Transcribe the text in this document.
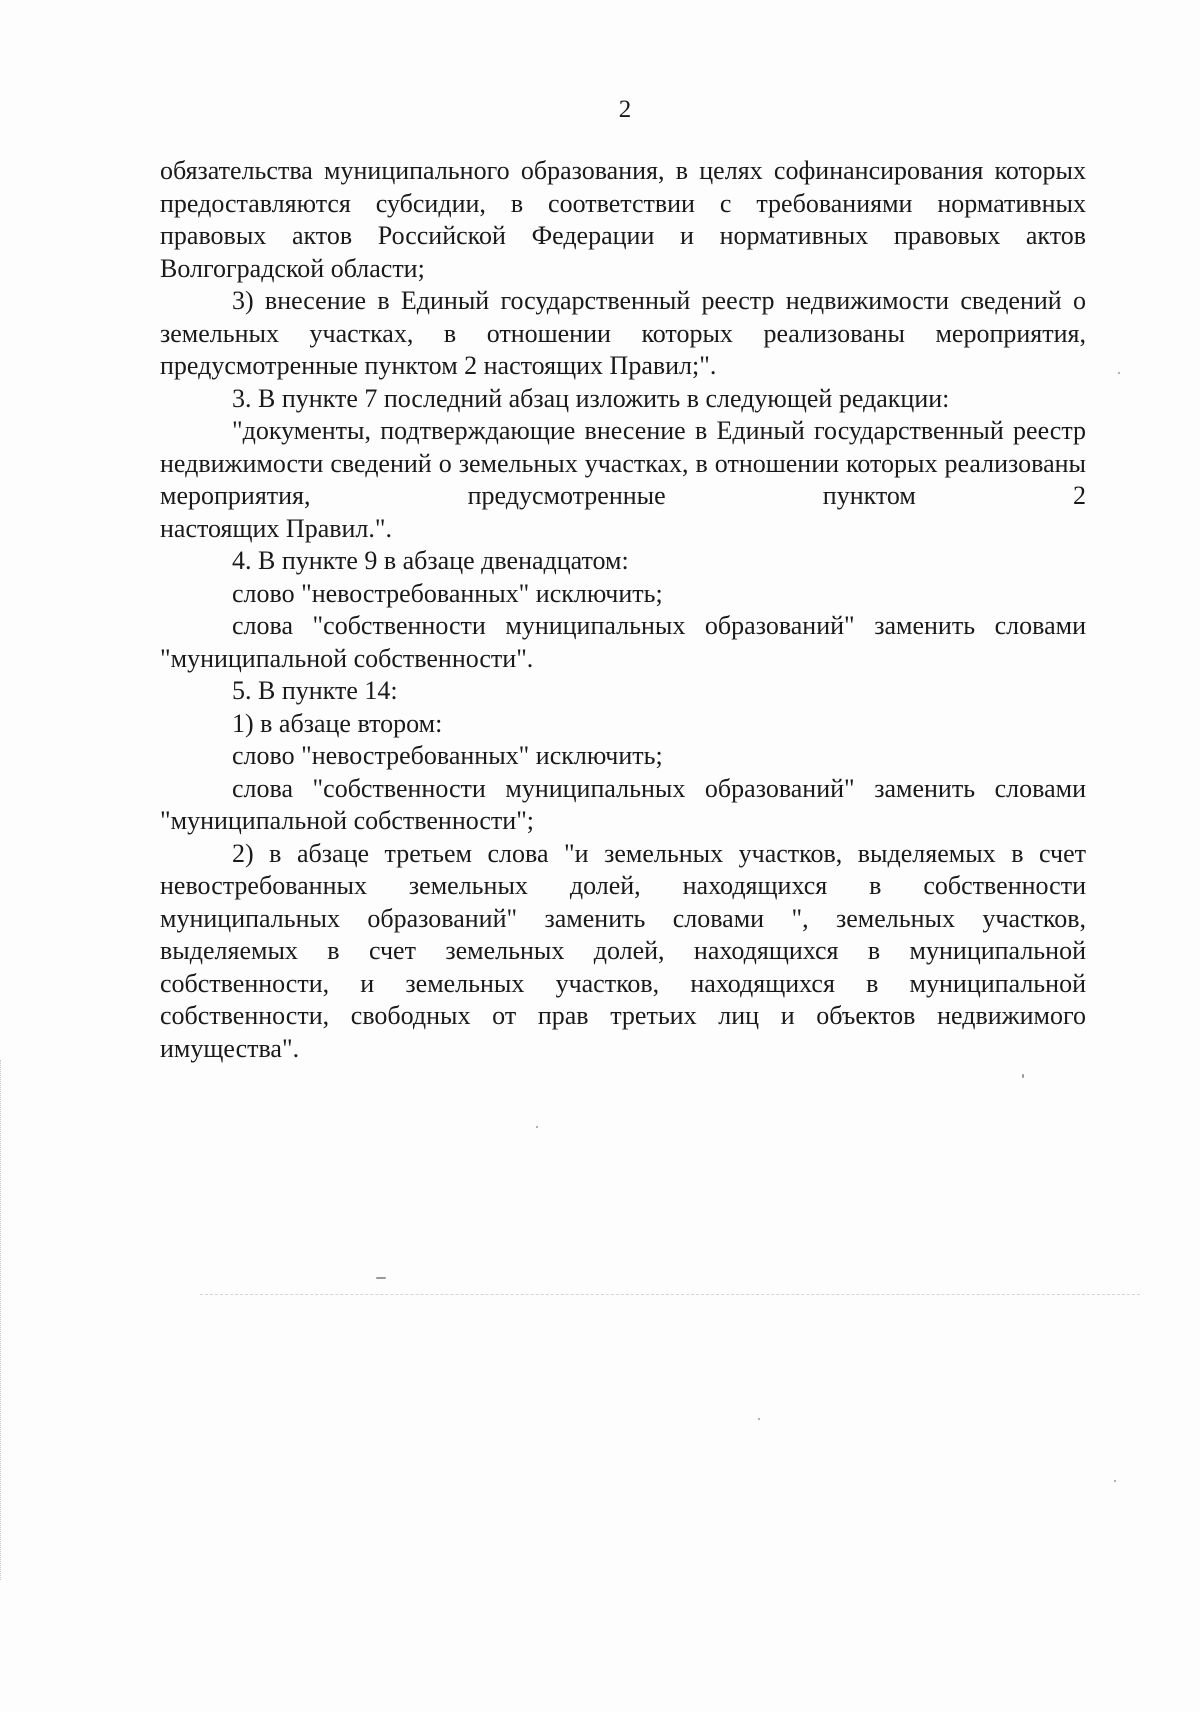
2

обязательства муниципального образования, в целях софинансирования которых предоставляются субсидии, в соответствии с требованиями нормативных правовых актов Российской Федерации и нормативных правовых актов Волгоградской области;

3) внесение в Единый государственный реестр недвижимости сведений о земельных участках, в отношении которых реализованы мероприятия, предусмотренные пунктом 2 настоящих Правил;".

3. В пункте 7 последний абзац изложить в следующей редакции:

"документы, подтверждающие внесение в Единый государственный реестр недвижимости сведений о земельных участках, в отношении которых реализованы мероприятия, предусмотренные пунктом 2

настоящих Правил.".

4. В пункте 9 в абзаце двенадцатом:

слово "невостребованных" исключить;

слова "собственности муниципальных образований" заменить словами "муниципальной собственности".

5. В пункте 14:

1) в абзаце втором:

слово "невостребованных" исключить;

слова "собственности муниципальных образований" заменить словами "муниципальной собственности";

2) в абзаце третьем слова "и земельных участков, выделяемых в счет невостребованных земельных долей, находящихся в собственности муниципальных образований" заменить словами ", земельных участков, выделяемых в счет земельных долей, находящихся в муниципальной собственности, и земельных участков, находящихся в муниципальной собственности, свободных от прав третьих лиц и объектов недвижимого имущества".
